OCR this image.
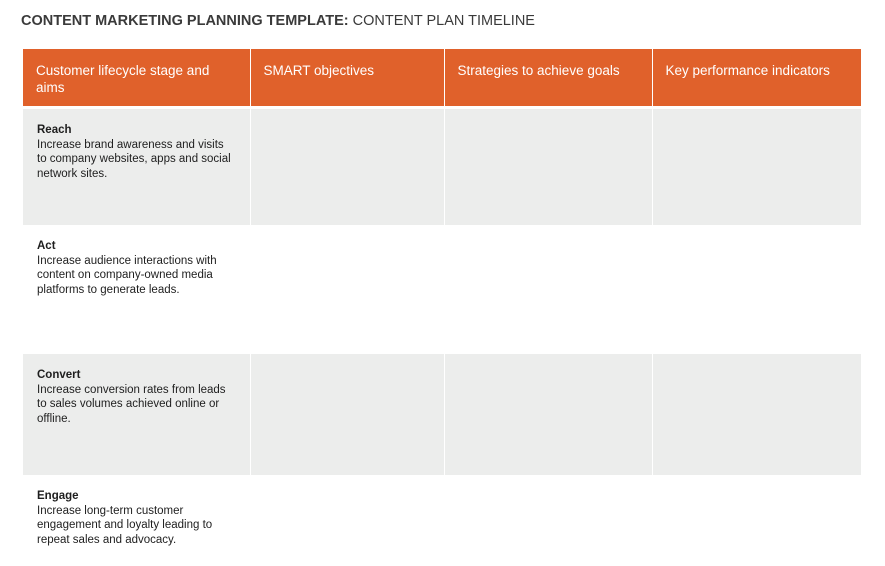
CONTENT MARKETING PLANNING TEMPLATE: CONTENT PLAN TIMELINE
Customer lifecycle stage and aims	SMART objectives	Strategies to achieve goals	Key performance indicators

Reach
Increase brand awareness and visits to company websites, apps and social network sites.			

Act
Increase audience interactions with content on company-owned media platforms to generate leads.			

Convert
Increase conversion rates from leads to sales volumes achieved online or offline.			

Engage
Increase long-term customer engagement and loyalty leading to repeat sales and advocacy.			
